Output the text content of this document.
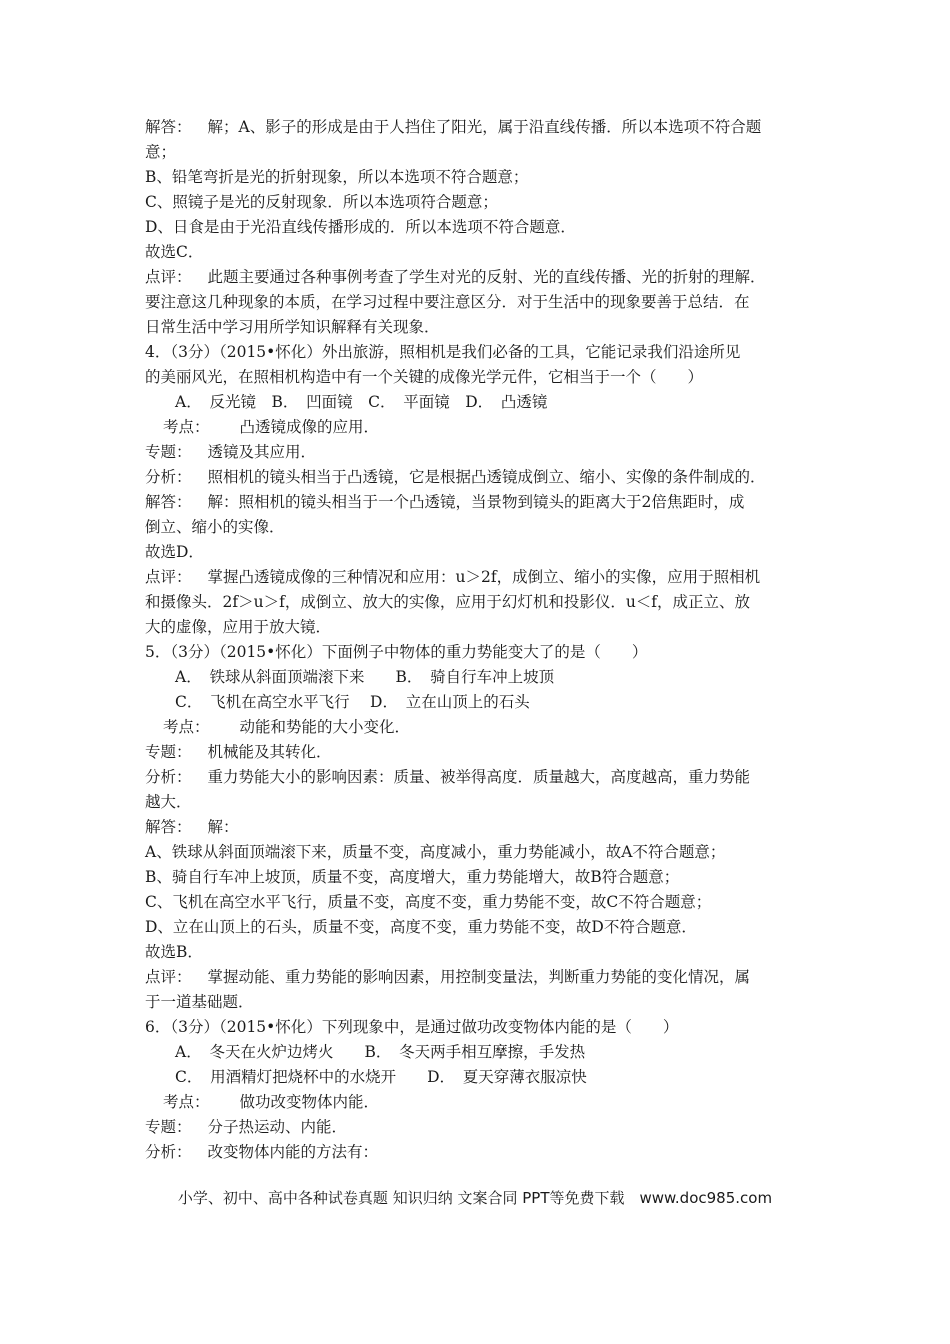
解答： 解；A、影子的形成是由于人挡住了阳光，属于沿直线传播．所以本选项不符合题
意；
B、铅笔弯折是光的折射现象，所以本选项不符合题意；
C、照镜子是光的反射现象．所以本选项符合题意；
D、日食是由于光沿直线传播形成的．所以本选项不符合题意．
故选C．
点评： 此题主要通过各种事例考查了学生对光的反射、光的直线传播、光的折射的理解．
要注意这几种现象的本质，在学习过程中要注意区分．对于生活中的现象要善于总结．在
日常生活中学习用所学知识解释有关现象．
4．（3分）（2015•怀化）外出旅游，照相机是我们必备的工具，它能记录我们沿途所见
的美丽风光，在照相机构造中有一个关键的成像光学元件，它相当于一个（　　）
A．　反光镜　B．　凹面镜　C．　平面镜　D．　凸透镜
考点： 凸透镜成像的应用．
专题： 透镜及其应用．
分析： 照相机的镜头相当于凸透镜，它是根据凸透镜成倒立、缩小、实像的条件制成的．
解答： 解：照相机的镜头相当于一个凸透镜，当景物到镜头的距离大于2倍焦距时，成
倒立、缩小的实像．
故选D．
点评： 掌握凸透镜成像的三种情况和应用：u＞2f，成倒立、缩小的实像，应用于照相机
和摄像头．2f＞u＞f，成倒立、放大的实像，应用于幻灯机和投影仪．u＜f，成正立、放
大的虚像，应用于放大镜．
5．（3分）（2015•怀化）下面例子中物体的重力势能变大了的是（　　）
A．　铁球从斜面顶端滚下来　　B．　骑自行车冲上坡顶
C．　飞机在高空水平飞行　 D．　立在山顶上的石头
考点： 动能和势能的大小变化．
专题： 机械能及其转化．
分析： 重力势能大小的影响因素：质量、被举得高度．质量越大，高度越高，重力势能
越大．
解答： 解：
A、铁球从斜面顶端滚下来，质量不变，高度减小，重力势能减小，故A不符合题意；
B、骑自行车冲上坡顶，质量不变，高度增大，重力势能增大，故B符合题意；
C、飞机在高空水平飞行，质量不变，高度不变，重力势能不变，故C不符合题意；
D、立在山顶上的石头，质量不变，高度不变，重力势能不变，故D不符合题意．
故选B．
点评： 掌握动能、重力势能的影响因素，用控制变量法，判断重力势能的变化情况，属
于一道基础题．
6．（3分）（2015•怀化）下列现象中，是通过做功改变物体内能的是（　　）
A．　冬天在火炉边烤火　　B．　冬天两手相互摩擦，手发热
C．　用酒精灯把烧杯中的水烧开　　D．　夏天穿薄衣服凉快
考点： 做功改变物体内能．
专题： 分子热运动、内能．
分析： 改变物体内能的方法有：
小学、初中、高中各种试卷真题 知识归纳 文案合同 PPT等免费下载　www.doc985.com
